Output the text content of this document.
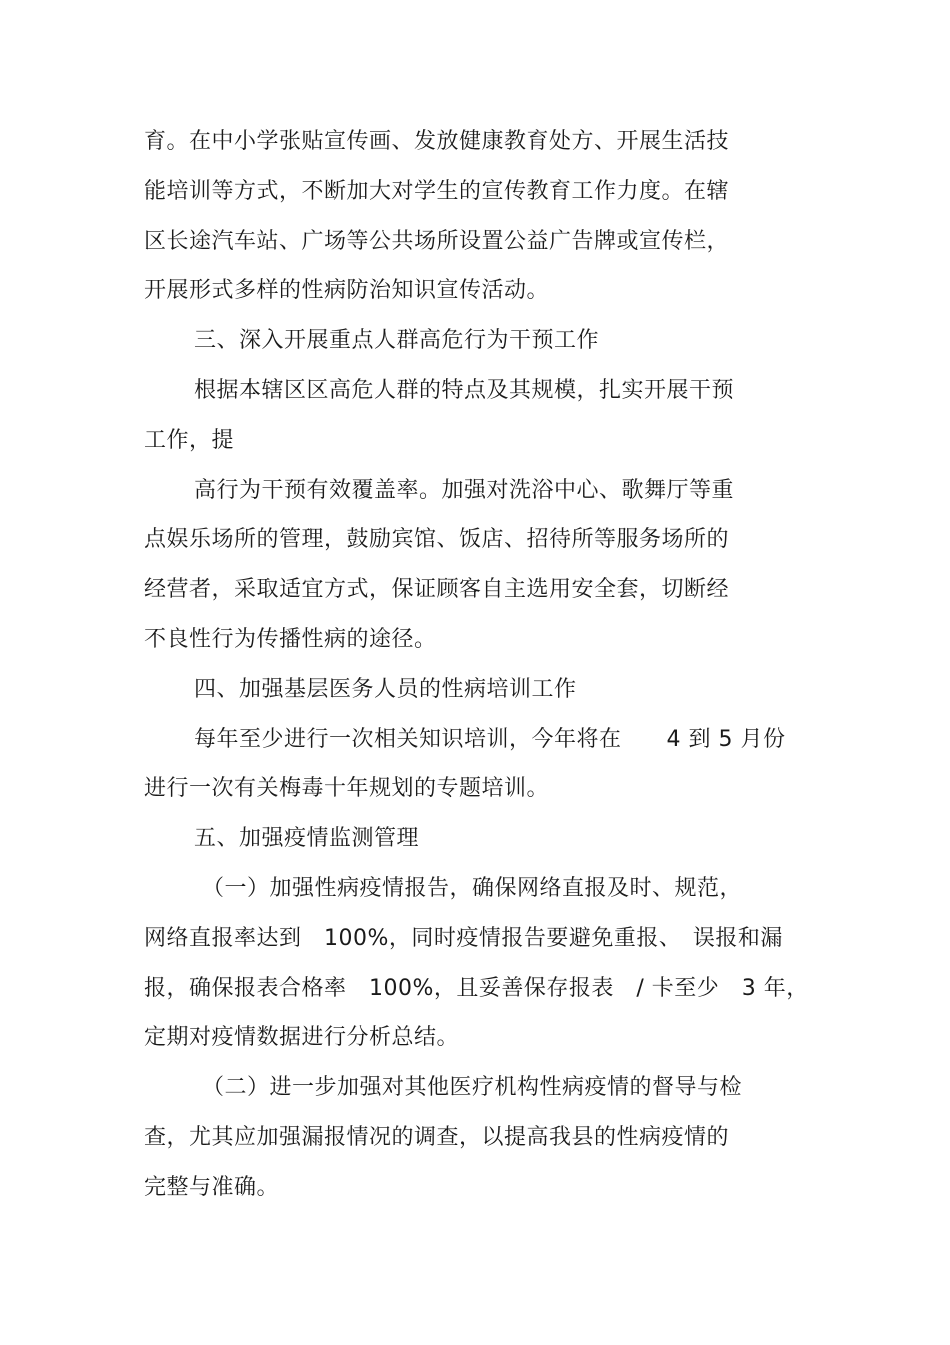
育。在中小学张贴宣传画、发放健康教育处方、开展生活技
能培训等方式，不断加大对学生的宣传教育工作力度。在辖
区长途汽车站、广场等公共场所设置公益广告牌或宣传栏，
开展形式多样的性病防治知识宣传活动。
三、深入开展重点人群高危行为干预工作
根据本辖区区高危人群的特点及其规模，扎实开展干预
工作，提
高行为干预有效覆盖率。加强对洗浴中心、歌舞厅等重
点娱乐场所的管理，鼓励宾馆、饭店、招待所等服务场所的
经营者，采取适宜方式，保证顾客自主选用安全套，切断经
不良性行为传播性病的途径。
四、加强基层医务人员的性病培训工作
每年至少进行一次相关知识培训，今年将在　　4 到 5 月份
进行一次有关梅毒十年规划的专题培训。
五、加强疫情监测管理
（一）加强性病疫情报告，确保网络直报及时、规范，
网络直报率达到　100%，同时疫情报告要避免重报、　误报和漏
报，确保报表合格率　100%，且妥善保存报表　/ 卡至少　3 年，
定期对疫情数据进行分析总结。
（二）进一步加强对其他医疗机构性病疫情的督导与检
查，尤其应加强漏报情况的调查，以提高我县的性病疫情的
完整与准确。
